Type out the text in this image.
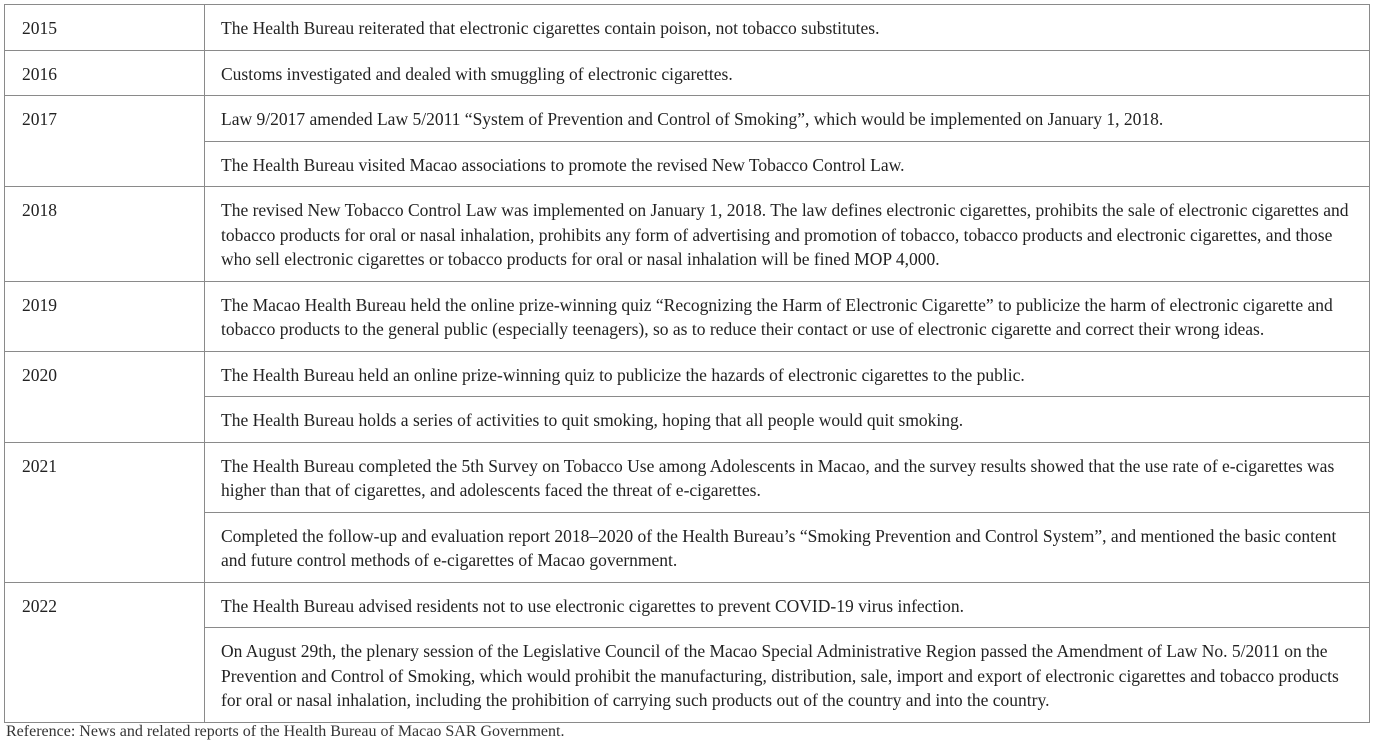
2015	The Health Bureau reiterated that electronic cigarettes contain poison, not tobacco substitutes.

2016	Customs investigated and dealed with smuggling of electronic cigarettes.

2017	Law 9/2017 amended Law 5/2011 “System of Prevention and Control of Smoking”, which would be implemented on January 1, 2018.
The Health Bureau visited Macao associations to promote the revised New Tobacco Control Law.

2018	The revised New Tobacco Control Law was implemented on January 1, 2018. The law defines electronic cigarettes, prohibits the sale of electronic cigarettes and tobacco products for oral or nasal inhalation, prohibits any form of advertising and promotion of tobacco, tobacco products and electronic cigarettes, and those who sell electronic cigarettes or tobacco products for oral or nasal inhalation will be fined MOP 4,000.

2019	The Macao Health Bureau held the online prize-winning quiz “Recognizing the Harm of Electronic Cigarette” to publicize the harm of electronic cigarette and tobacco products to the general public (especially teenagers), so as to reduce their contact or use of electronic cigarette and correct their wrong ideas.

2020	The Health Bureau held an online prize-winning quiz to publicize the hazards of electronic cigarettes to the public.
The Health Bureau holds a series of activities to quit smoking, hoping that all people would quit smoking.

2021	The Health Bureau completed the 5th Survey on Tobacco Use among Adolescents in Macao, and the survey results showed that the use rate of e-cigarettes was higher than that of cigarettes, and adolescents faced the threat of e-cigarettes.
Completed the follow-up and evaluation report 2018–2020 of the Health Bureau’s “Smoking Prevention and Control System”, and mentioned the basic content and future control methods of e-cigarettes of Macao government.

2022	The Health Bureau advised residents not to use electronic cigarettes to prevent COVID-19 virus infection.
On August 29th, the plenary session of the Legislative Council of the Macao Special Administrative Region passed the Amendment of Law No. 5/2011 on the Prevention and Control of Smoking, which would prohibit the manufacturing, distribution, sale, import and export of electronic cigarettes and tobacco products for oral or nasal inhalation, including the prohibition of carrying such products out of the country and into the country.
Reference: News and related reports of the Health Bureau of Macao SAR Government.
